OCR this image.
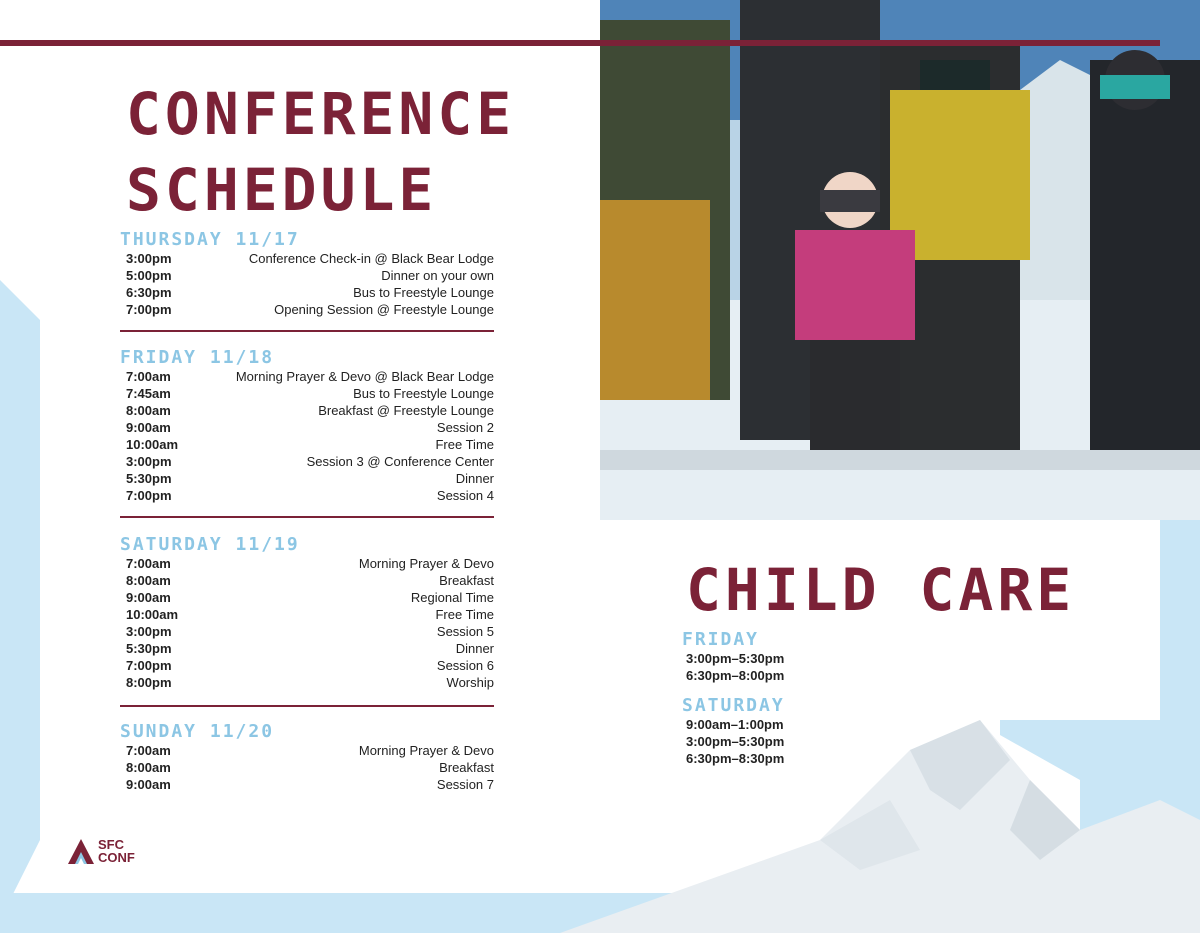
CONFERENCE
SCHEDULE
THURSDAY 11/17
3:00pm	Conference Check-in @ Black Bear Lodge
5:00pm	Dinner on your own
6:30pm	Bus to Freestyle Lounge
7:00pm	Opening Session @ Freestyle Lounge
FRIDAY 11/18
7:00am	Morning Prayer & Devo @ Black Bear Lodge
7:45am	Bus to Freestyle Lounge
8:00am	Breakfast @ Freestyle Lounge
9:00am	Session 2
10:00am	Free Time
3:00pm	Session 3 @ Conference Center
5:30pm	Dinner
7:00pm	Session 4
SATURDAY 11/19
7:00am	Morning Prayer & Devo
8:00am	Breakfast
9:00am	Regional Time
10:00am	Free Time
3:00pm	Session 5
5:30pm	Dinner
7:00pm	Session 6
8:00pm	Worship
SUNDAY 11/20
7:00am	Morning Prayer & Devo
8:00am	Breakfast
9:00am	Session 7
CHILD CARE
FRIDAY
3:00pm–5:30pm
6:30pm–8:00pm
SATURDAY
9:00am–1:00pm
3:00pm–5:30pm
6:30pm–8:30pm
SFC
CONF
